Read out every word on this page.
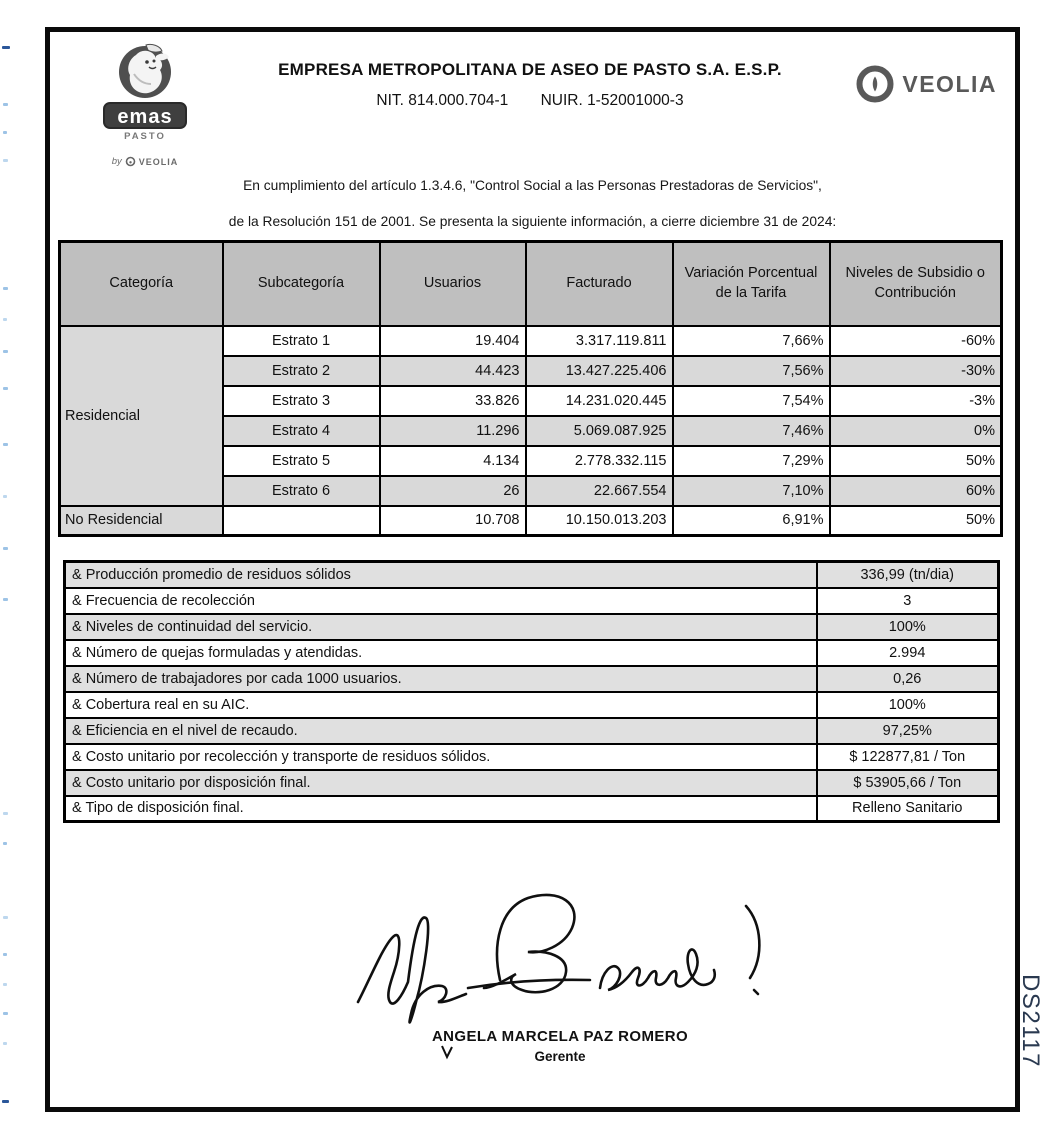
emas
PASTO
by VEOLIA
EMPRESA METROPOLITANA DE ASEO DE PASTO S.A. E.S.P.
NIT. 814.000.704-1 NUIR. 1-52001000-3
VEOLIA
En cumplimiento del artículo 1.3.4.6, "Control Social a las Personas Prestadoras de Servicios",
de la Resolución 151 de 2001. Se presenta la siguiente información, a cierre diciembre 31 de 2024:
Categoría	Subcategoría	Usuarios	Facturado	Variación Porcentual de la Tarifa	Niveles de Subsidio o Contribución
Residencial	Estrato 1	19.404	3.317.119.811	7,66%	-60%
	Estrato 2	44.423	13.427.225.406	7,56%	-30%
	Estrato 3	33.826	14.231.020.445	7,54%	-3%
	Estrato 4	11.296	5.069.087.925	7,46%	0%
	Estrato 5	4.134	2.778.332.115	7,29%	50%
	Estrato 6	26	22.667.554	7,10%	60%
No Residencial		10.708	10.150.013.203	6,91%	50%
& Producción promedio de residuos sólidos	336,99 (tn/dia)
& Frecuencia de recolección	3
& Niveles de continuidad del servicio.	100%
& Número de quejas formuladas y atendidas.	2.994
& Número de trabajadores por cada 1000 usuarios.	0,26
& Cobertura real en su AIC.	100%
& Eficiencia en el nivel de recaudo.	97,25%
& Costo unitario por recolección y transporte de residuos sólidos.	$ 122877,81 / Ton
& Costo unitario por disposición final.	$ 53905,66 / Ton
& Tipo de disposición final.	Relleno Sanitario
ANGELA MARCELA PAZ ROMERO
Gerente	DS2117
